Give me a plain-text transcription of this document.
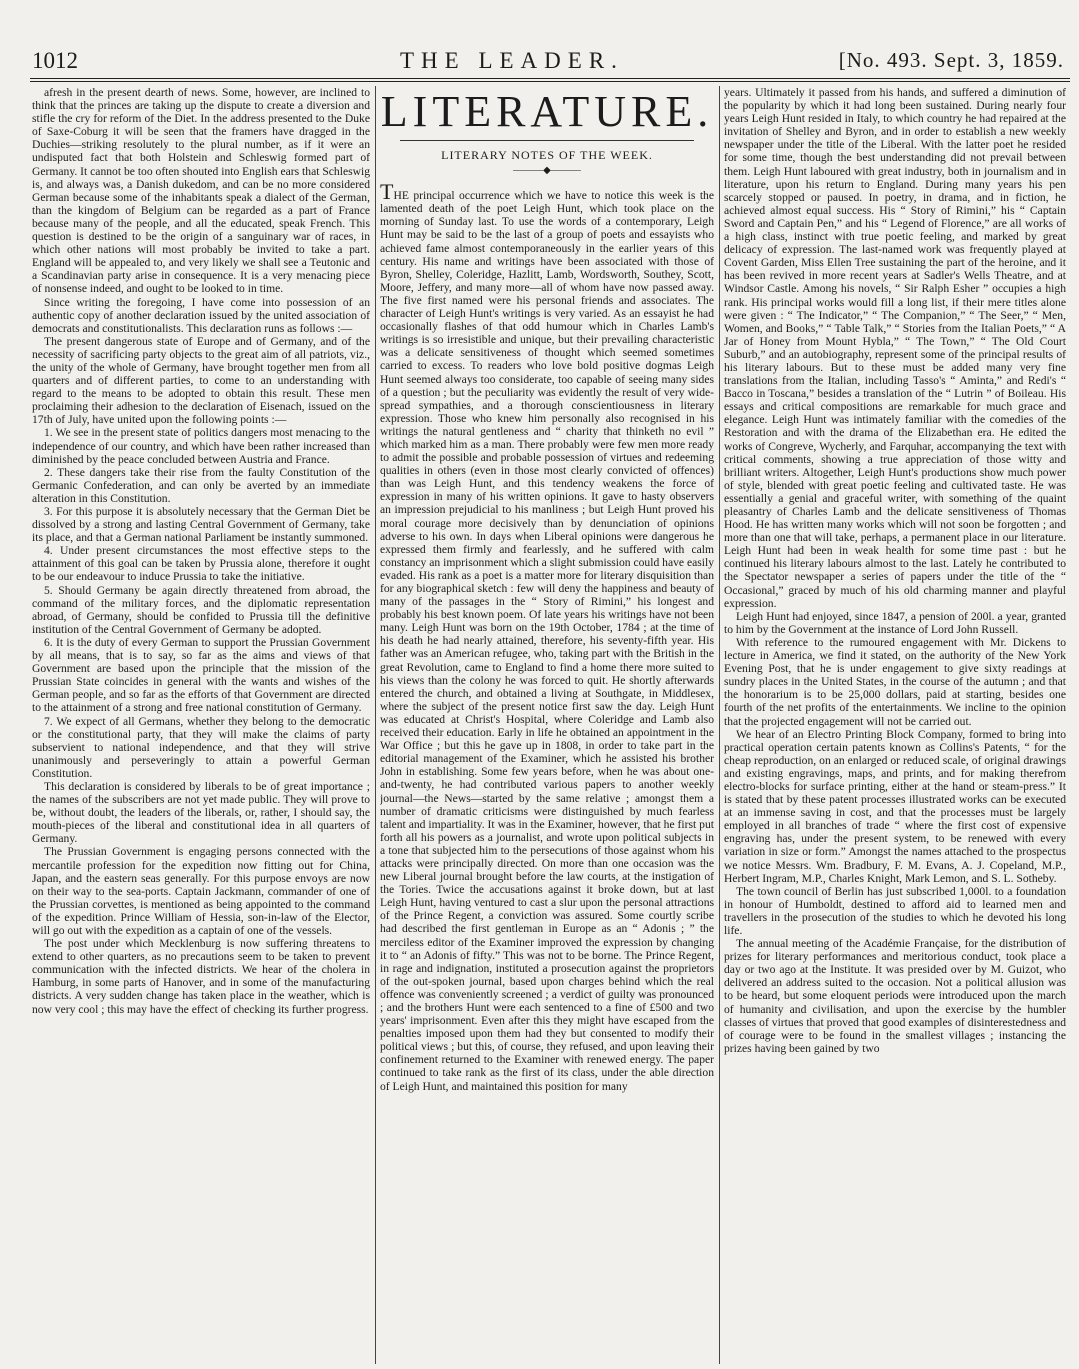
1012	THE LEADER.	[No. 493. Sept. 3, 1859.

afresh in the present dearth of news. Some, however, are inclined to think that the princes are taking up the dispute to create a diversion and stifle the cry for reform of the Diet. In the address presented to the Duke of Saxe-Coburg it will be seen that the framers have dragged in the Duchies—striking resolutely to the plural number, as if it were an undisputed fact that both Holstein and Schleswig formed part of Germany. It cannot be too often shouted into English ears that Schleswig is, and always was, a Danish dukedom, and can be no more considered German because some of the inhabitants speak a dialect of the German, than the kingdom of Belgium can be regarded as a part of France because many of the people, and all the educated, speak French. This question is destined to be the origin of a sanguinary war of races, in which other nations will most probably be invited to take a part. England will be appealed to, and very likely we shall see a Teutonic and a Scandinavian party arise in consequence. It is a very menacing piece of nonsense indeed, and ought to be looked to in time.

Since writing the foregoing, I have come into possession of an authentic copy of another declaration issued by the united association of democrats and constitutionalists. This declaration runs as follows :—

The present dangerous state of Europe and of Germany, and of the necessity of sacrificing party objects to the great aim of all patriots, viz., the unity of the whole of Germany, have brought together men from all quarters and of different parties, to come to an understanding with regard to the means to be adopted to obtain this result. These men proclaiming their adhesion to the declaration of Eisenach, issued on the 17th of July, have united upon the following points :—

1. We see in the present state of politics dangers most menacing to the independence of our country, and which have been rather increased than diminished by the peace concluded between Austria and France.

2. These dangers take their rise from the faulty Constitution of the Germanic Confederation, and can only be averted by an immediate alteration in this Constitution.

3. For this purpose it is absolutely necessary that the German Diet be dissolved by a strong and lasting Central Government of Germany, take its place, and that a German national Parliament be instantly summoned.

4. Under present circumstances the most effective steps to the attainment of this goal can be taken by Prussia alone, therefore it ought to be our endeavour to induce Prussia to take the initiative.

5. Should Germany be again directly threatened from abroad, the command of the military forces, and the diplomatic representation abroad, of Germany, should be confided to Prussia till the definitive institution of the Central Government of Germany be adopted.

6. It is the duty of every German to support the Prussian Government by all means, that is to say, so far as the aims and views of that Government are based upon the principle that the mission of the Prussian State coincides in general with the wants and wishes of the German people, and so far as the efforts of that Government are directed to the attainment of a strong and free national constitution of Germany.

7. We expect of all Germans, whether they belong to the democratic or the constitutional party, that they will make the claims of party subservient to national independence, and that they will strive unanimously and perseveringly to attain a powerful German Constitution.

This declaration is considered by liberals to be of great importance ; the names of the subscribers are not yet made public. They will prove to be, without doubt, the leaders of the liberals, or, rather, I should say, the mouth-pieces of the liberal and constitutional idea in all quarters of Germany.

The Prussian Government is engaging persons connected with the mercantile profession for the expedition now fitting out for China, Japan, and the eastern seas generally. For this purpose envoys are now on their way to the sea-ports. Captain Jackmann, commander of one of the Prussian corvettes, is mentioned as being appointed to the command of the expedition. Prince William of Hessia, son-in-law of the Elector, will go out with the expedition as a captain of one of the vessels.

The post under which Mecklenburg is now suffering threatens to extend to other quarters, as no precautions seem to be taken to prevent communication with the infected districts. We hear of the cholera in Hamburg, in some parts of Hanover, and in some of the manufacturing districts. A very sudden change has taken place in the weather, which is now very cool ; this may have the effect of checking its further progress.

LITERATURE.
LITERARY NOTES OF THE WEEK.
———◆———

THE principal occurrence which we have to notice this week is the lamented death of the poet Leigh Hunt, which took place on the morning of Sunday last. To use the words of a contemporary, Leigh Hunt may be said to be the last of a group of poets and essayists who achieved fame almost contemporaneously in the earlier years of this century. His name and writings have been associated with those of Byron, Shelley, Coleridge, Hazlitt, Lamb, Wordsworth, Southey, Scott, Moore, Jeffery, and many more—all of whom have now passed away. The five first named were his personal friends and associates. The character of Leigh Hunt's writings is very varied. As an essayist he had occasionally flashes of that odd humour which in Charles Lamb's writings is so irresistible and unique, but their prevailing characteristic was a delicate sensitiveness of thought which seemed sometimes carried to excess. To readers who love bold positive dogmas Leigh Hunt seemed always too considerate, too capable of seeing many sides of a question ; but the peculiarity was evidently the result of very wide-spread sympathies, and a thorough conscientiousness in literary expression. Those who knew him personally also recognised in his writings the natural gentleness and “ charity that thinketh no evil ” which marked him as a man. There probably were few men more ready to admit the possible and probable possession of virtues and redeeming qualities in others (even in those most clearly convicted of offences) than was Leigh Hunt, and this tendency weakens the force of expression in many of his written opinions. It gave to hasty observers an impression prejudicial to his manliness ; but Leigh Hunt proved his moral courage more decisively than by denunciation of opinions adverse to his own. In days when Liberal opinions were dangerous he expressed them firmly and fearlessly, and he suffered with calm constancy an imprisonment which a slight submission could have easily evaded. His rank as a poet is a matter more for literary disquisition than for any biographical sketch : few will deny the happiness and beauty of many of the passages in the “ Story of Rimini,” his longest and probably his best known poem. Of late years his writings have not been many. Leigh Hunt was born on the 19th October, 1784 ; at the time of his death he had nearly attained, therefore, his seventy-fifth year. His father was an American refugee, who, taking part with the British in the great Revolution, came to England to find a home there more suited to his views than the colony he was forced to quit. He shortly afterwards entered the church, and obtained a living at Southgate, in Middlesex, where the subject of the present notice first saw the day. Leigh Hunt was educated at Christ's Hospital, where Coleridge and Lamb also received their education. Early in life he obtained an appointment in the War Office ; but this he gave up in 1808, in order to take part in the editorial management of the Examiner, which he assisted his brother John in establishing. Some few years before, when he was about one-and-twenty, he had contributed various papers to another weekly journal—the News—started by the same relative ; amongst them a number of dramatic criticisms were distinguished by much fearless talent and impartiality. It was in the Examiner, however, that he first put forth all his powers as a journalist, and wrote upon political subjects in a tone that subjected him to the persecutions of those against whom his attacks were principally directed. On more than one occasion was the new Liberal journal brought before the law courts, at the instigation of the Tories. Twice the accusations against it broke down, but at last Leigh Hunt, having ventured to cast a slur upon the personal attractions of the Prince Regent, a conviction was assured. Some courtly scribe had described the first gentleman in Europe as an “ Adonis ; ” the merciless editor of the Examiner improved the expression by changing it to “ an Adonis of fifty.” This was not to be borne. The Prince Regent, in rage and indignation, instituted a prosecution against the proprietors of the out-spoken journal, based upon charges behind which the real offence was conveniently screened ; a verdict of guilty was pronounced ; and the brothers Hunt were each sentenced to a fine of £500 and two years' imprisonment. Even after this they might have escaped from the penalties imposed upon them had they but consented to modify their political views ; but this, of course, they refused, and upon leaving their confinement returned to the Examiner with renewed energy. The paper continued to take rank as the first of its class, under the able direction of Leigh Hunt, and maintained this position for many

years. Ultimately it passed from his hands, and suffered a diminution of the popularity by which it had long been sustained. During nearly four years Leigh Hunt resided in Italy, to which country he had repaired at the invitation of Shelley and Byron, and in order to establish a new weekly newspaper under the title of the Liberal. With the latter poet he resided for some time, though the best understanding did not prevail between them. Leigh Hunt laboured with great industry, both in journalism and in literature, upon his return to England. During many years his pen scarcely stopped or paused. In poetry, in drama, and in fiction, he achieved almost equal success. His “ Story of Rimini,” his “ Captain Sword and Captain Pen,” and his “ Legend of Florence,” are all works of a high class, instinct with true poetic feeling, and marked by great delicacy of expression. The last-named work was frequently played at Covent Garden, Miss Ellen Tree sustaining the part of the heroine, and it has been revived in more recent years at Sadler's Wells Theatre, and at Windsor Castle. Among his novels, “ Sir Ralph Esher ” occupies a high rank. His principal works would fill a long list, if their mere titles alone were given : “ The Indicator,” “ The Companion,” “ The Seer,” “ Men, Women, and Books,” “ Table Talk,” “ Stories from the Italian Poets,” “ A Jar of Honey from Mount Hybla,” “ The Town,” “ The Old Court Suburb,” and an autobiography, represent some of the principal results of his literary labours. But to these must be added many very fine translations from the Italian, including Tasso's “ Aminta,” and Redi's “ Bacco in Toscana,” besides a translation of the “ Lutrin ” of Boileau. His essays and critical compositions are remarkable for much grace and elegance. Leigh Hunt was intimately familiar with the comedies of the Restoration and with the drama of the Elizabethan era. He edited the works of Congreve, Wycherly, and Farquhar, accompanying the text with critical comments, showing a true appreciation of those witty and brilliant writers. Altogether, Leigh Hunt's productions show much power of style, blended with great poetic feeling and cultivated taste. He was essentially a genial and graceful writer, with something of the quaint pleasantry of Charles Lamb and the delicate sensitiveness of Thomas Hood. He has written many works which will not soon be forgotten ; and more than one that will take, perhaps, a permanent place in our literature. Leigh Hunt had been in weak health for some time past : but he continued his literary labours almost to the last. Lately he contributed to the Spectator newspaper a series of papers under the title of the “ Occasional,” graced by much of his old charming manner and playful expression.

Leigh Hunt had enjoyed, since 1847, a pension of 200l. a year, granted to him by the Government at the instance of Lord John Russell.

With reference to the rumoured engagement with Mr. Dickens to lecture in America, we find it stated, on the authority of the New York Evening Post, that he is under engagement to give sixty readings at sundry places in the United States, in the course of the autumn ; and that the honorarium is to be 25,000 dollars, paid at starting, besides one fourth of the net profits of the entertainments. We incline to the opinion that the projected engagement will not be carried out.

We hear of an Electro Printing Block Company, formed to bring into practical operation certain patents known as Collins's Patents, “ for the cheap reproduction, on an enlarged or reduced scale, of original drawings and existing engravings, maps, and prints, and for making therefrom electro-blocks for surface printing, either at the hand or steam-press.” It is stated that by these patent processes illustrated works can be executed at an immense saving in cost, and that the processes must be largely employed in all branches of trade “ where the first cost of expensive engraving has, under the present system, to be renewed with every variation in size or form.” Amongst the names attached to the prospectus we notice Messrs. Wm. Bradbury, F. M. Evans, A. J. Copeland, M.P., Herbert Ingram, M.P., Charles Knight, Mark Lemon, and S. L. Sotheby.

The town council of Berlin has just subscribed 1,000l. to a foundation in honour of Humboldt, destined to afford aid to learned men and travellers in the prosecution of the studies to which he devoted his long life.

The annual meeting of the Académie Française, for the distribution of prizes for literary performances and meritorious conduct, took place a day or two ago at the Institute. It was presided over by M. Guizot, who delivered an address suited to the occasion. Not a political allusion was to be heard, but some eloquent periods were introduced upon the march of humanity and civilisation, and upon the exercise by the humbler classes of virtues that proved that good examples of disinterestedness and of courage were to be found in the smallest villages ; instancing the prizes having been gained by two
